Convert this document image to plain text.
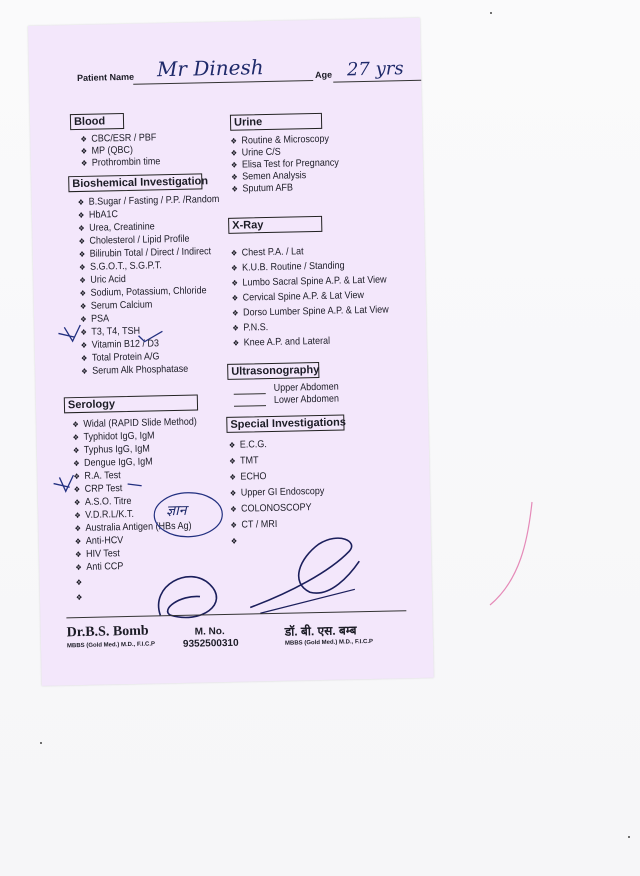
Patient Name Mr Dinesh	Age 27 yrs
Blood
❖ CBC/ESR / PBF
❖ MP (QBC)
❖ Prothrombin time
Bioshemical Investigation
❖ B.Sugar / Fasting / P.P. /Random
❖ HbA1C
❖ Urea, Creatinine
❖ Cholesterol / Lipid Profile
❖ Bilirubin Total / Direct / Indirect
❖ S.G.O.T., S.G.P.T.
❖ Uric Acid
❖ Sodium, Potassium, Chloride
❖ Serum Calcium
❖ PSA
❖ T3, T4, TSH
❖ Vitamin B12 / D3
❖ Total Protein A/G
❖ Serum Alk Phosphatase
Serology
❖ Widal (RAPID Slide Method)
❖ Typhidot IgG, IgM
❖ Typhus IgG, IgM
❖ Dengue IgG, IgM
❖ R.A. Test
❖ CRP Test
❖ A.S.O. Titre
❖ V.D.R.L/K.T.
❖ Australia Antigen (HBs Ag)
❖ Anti-HCV
❖ HIV Test
❖ Anti CCP
❖
❖
Urine
❖ Routine & Microscopy
❖ Urine C/S
❖ Elisa Test for Pregnancy
❖ Semen Analysis
❖ Sputum AFB
X-Ray
❖ Chest P.A. / Lat
❖ K.U.B. Routine / Standing
❖ Lumbo Sacral Spine A.P. & Lat View
❖ Cervical Spine A.P. & Lat View
❖ Dorso Lumber Spine A.P. & Lat View
❖ P.N.S.
❖ Knee A.P. and Lateral
Ultrasonography
Upper Abdomen
Lower Abdomen
Special Investigations
❖ E.C.G.
❖ TMT
❖ ECHO
❖ Upper GI Endoscopy
❖ COLONOSCOPY
❖ CT / MRI
❖
ज्ञान
Dr.B.S. Bomb
MBBS (Gold Med.) M.D., F.I.C.P
M. No.
9352500310
डॉ. बी. एस. बम्ब
MBBS (Gold Med.) M.D., F.I.C.P
